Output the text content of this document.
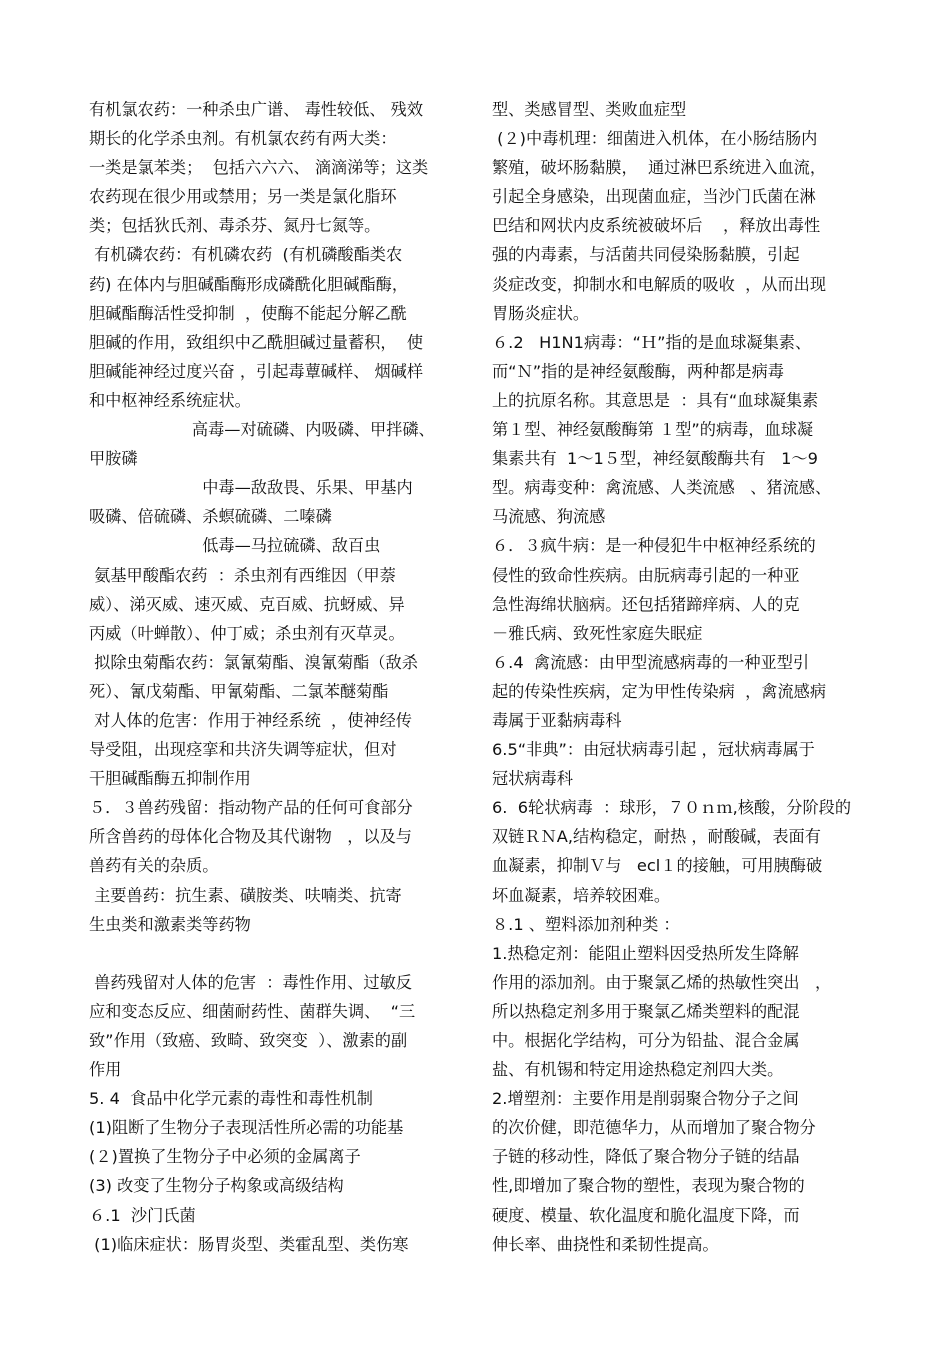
有机氯农药：一种杀虫广谱、 毒性较低、 残效
期长的化学杀虫剂。有机氯农药有两大类：
一类是氯苯类；  包括六六六、 滴滴涕等；这类
农药现在很少用或禁用；另一类是氯化脂环
类；包括狄氏剂、毒杀芬、氮丹七氮等。
有机磷农药：有机磷农药  (有机磷酸酯类农
药) 在体内与胆碱酯酶形成磷酰化胆碱酯酶，
胆碱酯酶活性受抑制  ，使酶不能起分解乙酰
胆碱的作用，致组织中乙酰胆碱过量蓄积，  使
胆碱能神经过度兴奋 ，引起毒蕈碱样、 烟碱样
和中枢神经系统症状。
高毒—对硫磷、内吸磷、甲拌磷、
甲胺磷
中毒—敌敌畏、乐果、甲基内
吸磷、倍硫磷、杀螟硫磷、二嗪磷
低毒—马拉硫磷、敌百虫
氨基甲酸酯农药  ：杀虫剂有西维因（甲萘
威）、涕灭威、速灭威、克百威、抗蚜威、异
丙威（叶蝉散）、仲丁威；杀虫剂有灭草灵。
拟除虫菊酯农药：氯氰菊酯、溴氰菊酯（敌杀
死）、氰戊菊酯、甲氰菊酯、二氯苯醚菊酯
对人体的危害：作用于神经系统  ，使神经传
导受阻，出现痉挛和共济失调等症状，但对
干胆碱酯酶五抑制作用
５．３兽药残留：指动物产品的任何可食部分
所含兽药的母体化合物及其代谢物   ，以及与
兽药有关的杂质。
主要兽药：抗生素、磺胺类、呋喃类、抗寄
生虫类和激素类等药物
兽药残留对人体的危害  ：毒性作用、过敏反
应和变态反应、细菌耐药性、菌群失调、  “三
致”作用（致癌、致畸、致突变  ）、激素的副
作用
5. 4  食品中化学元素的毒性和毒性机制
(1)阻断了生物分子表现活性所必需的功能基
(２)置换了生物分子中必须的金属离子
(3) 改变了生物分子构象或高级结构
６.1  沙门氏菌
(1)临床症状：肠胃炎型、类霍乱型、类伤寒
型、类感冒型、类败血症型
(２)中毒机理：细菌进入机体，在小肠结肠内
繁殖，破坏肠黏膜，  通过淋巴系统进入血流，
引起全身感染，出现菌血症，当沙门氏菌在淋
巴结和网状内皮系统被破坏后    ，释放出毒性
强的内毒素，与活菌共同侵染肠黏膜，引起
炎症改变，抑制水和电解质的吸收  ，从而出现
胃肠炎症状。
６.2   H1N1病毒：“Ｈ”指的是血球凝集素、
而“Ｎ”指的是神经氨酸酶，两种都是病毒
上的抗原名称。其意思是  ：具有“血球凝集素
第１型、神经氨酸酶第 １型”的病毒，血球凝
集素共有  1～1５型，神经氨酸酶共有   1～9
型。病毒变种：禽流感、人类流感   、猪流感、
马流感、狗流感
６．３疯牛病：是一种侵犯牛中枢神经系统的
侵性的致命性疾病。由朊病毒引起的一种亚
急性海绵状脑病。还包括猪蹄痒病、人的克
－雅氏病、致死性家庭失眠症
６.4  禽流感：由甲型流感病毒的一种亚型引
起的传染性疾病，定为甲性传染病  ，禽流感病
毒属于亚黏病毒科
6.5“非典”：由冠状病毒引起 ，冠状病毒属于
冠状病毒科
6.  6轮状病毒  ：球形，７０ｎｍ,核酸，分阶段的
双链ＲＮA,结构稳定，耐热 ，耐酸碱，表面有
血凝素，抑制Ｖ与   ecl１的接触，可用胰酶破
坏血凝素，培养较困难。
８.1 、塑料添加剂种类 ：
1.热稳定剂：能阻止塑料因受热所发生降解
作用的添加剂。由于聚氯乙烯的热敏性突出   ，
所以热稳定剂多用于聚氯乙烯类塑料的配混
中。根据化学结构，可分为铅盐、混合金属
盐、有机锡和特定用途热稳定剂四大类。
2.增塑剂：主要作用是削弱聚合物分子之间
的次价健，即范德华力，从而增加了聚合物分
子链的移动性，降低了聚合物分子链的结晶
性,即增加了聚合物的塑性，表现为聚合物的
硬度、模量、软化温度和脆化温度下降，而
伸长率、曲挠性和柔韧性提高。
